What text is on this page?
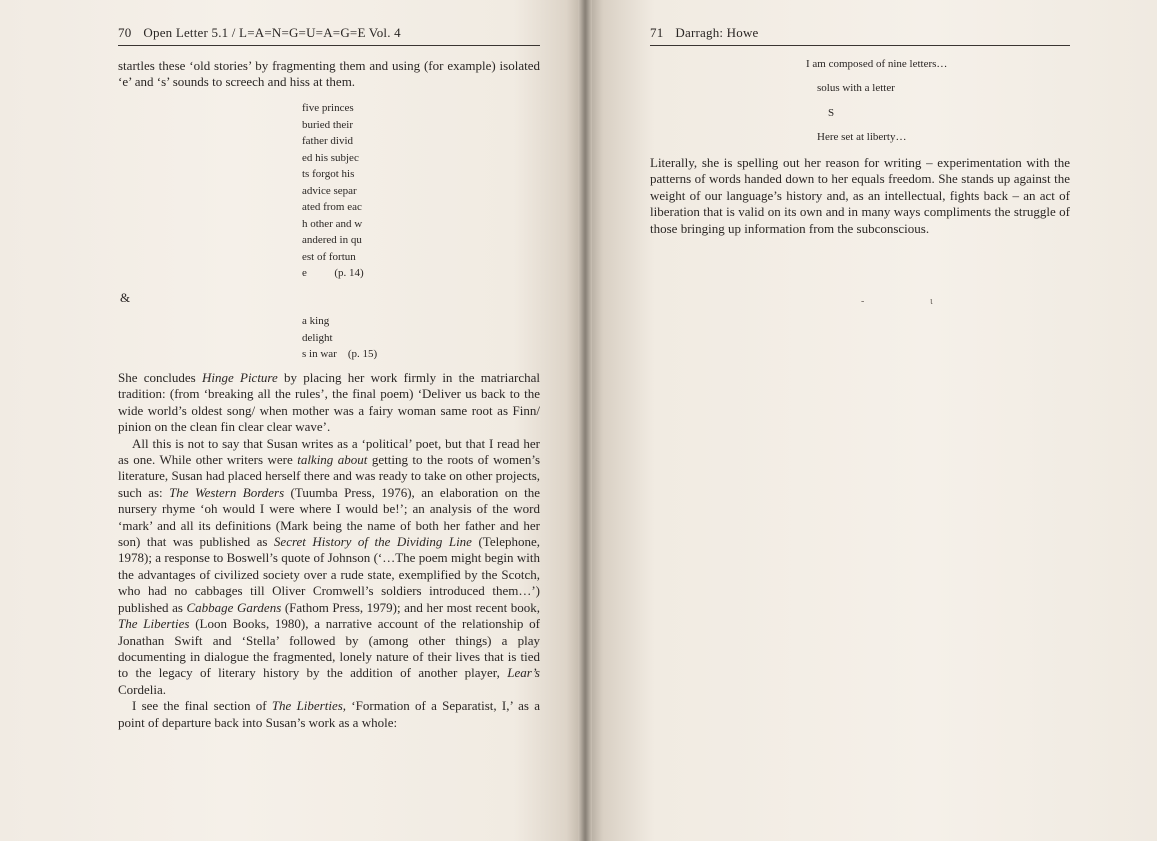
70 Open Letter 5.1 / L=A=N=G=U=A=G=E Vol. 4

startles these ‘old stories’ by fragmenting them and using (for example) isolated ‘e’ and ‘s’ sounds to screech and hiss at them.

five princes
buried their
father divid
ed his subjec
ts forgot his
advice separ
ated from eac
h other and w
andered in qu
est of fortun
e          (p. 14)
&
a king
delight
s in war    (p. 15)

She concludes Hinge Picture by placing her work firmly in the matriarchal tradition: (from ‘breaking all the rules’, the final poem) ‘Deliver us back to the wide world’s oldest song/ when mother was a fairy woman same root as Finn/ pinion on the clean fin clear clear wave’.

All this is not to say that Susan writes as a ‘political’ poet, but that I read her as one. While other writers were talking about getting to the roots of women’s literature, Susan had placed herself there and was ready to take on other projects, such as: The Western Borders (Tuumba Press, 1976), an elaboration on the nursery rhyme ‘oh would I were where I would be!’; an analysis of the word ‘mark’ and all its definitions (Mark being the name of both her father and her son) that was published as Secret History of the Dividing Line (Telephone, 1978); a response to Boswell’s quote of Johnson (‘…The poem might begin with the advantages of civilized society over a rude state, exemplified by the Scotch, who had no cabbages till Oliver Cromwell’s soldiers introduced them…’) published as Cabbage Gardens (Fathom Press, 1979); and her most recent book, The Liberties (Loon Books, 1980), a narrative account of the relationship of Jonathan Swift and ‘Stella’ followed by (among other things) a play documenting in dialogue the fragmented, lonely nature of their lives that is tied to the legacy of literary history by the addition of another player, Lear’s Cordelia.

I see the final section of The Liberties, ‘Formation of a Separatist, I,’ as a point of departure back into Susan’s work as a whole:

71 Darragh: Howe
I am composed of nine letters…
solus with a letter
S
Here set at liberty…

Literally, she is spelling out her reason for writing – experimentation with the patterns of words handed down to her equals freedom. She stands up against the weight of our language’s history and, as an intellectual, fights back – an act of liberation that is valid on its own and in many ways compliments the struggle of those bringing up information from the subconscious.

-	ι
